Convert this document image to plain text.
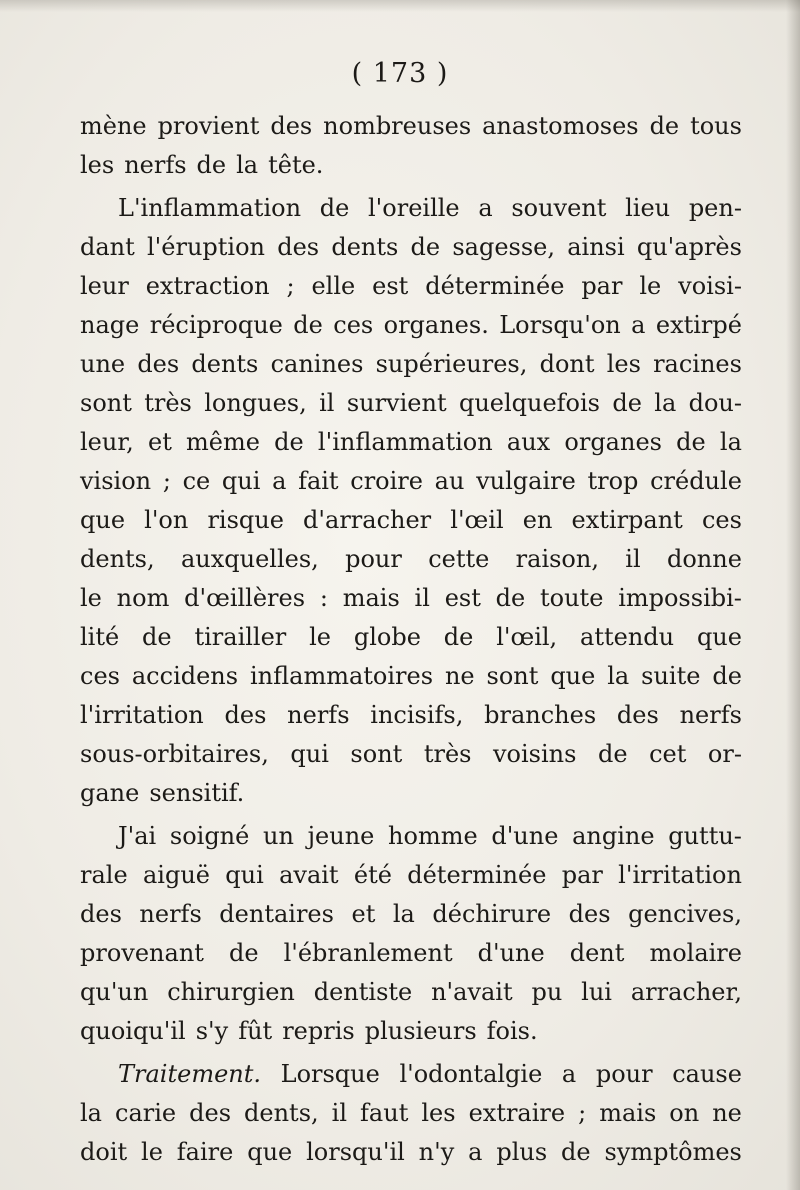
( 173 )
mène provient des nombreuses anastomoses de tous
les nerfs de la tête.
L'inflammation de l'oreille a souvent lieu pen-
dant l'éruption des dents de sagesse, ainsi qu'après
leur extraction ; elle est déterminée par le voisi-
nage réciproque de ces organes. Lorsqu'on a extirpé
une des dents canines supérieures, dont les racines
sont très longues, il survient quelquefois de la dou-
leur, et même de l'inflammation aux organes de la
vision ; ce qui a fait croire au vulgaire trop crédule
que l'on risque d'arracher l'œil en extirpant ces
dents, auxquelles, pour cette raison, il donne
le nom d'œillères : mais il est de toute impossibi-
lité de tirailler le globe de l'œil, attendu que
ces accidens inflammatoires ne sont que la suite de
l'irritation des nerfs incisifs, branches des nerfs
sous-orbitaires, qui sont très voisins de cet or-
gane sensitif.
J'ai soigné un jeune homme d'une angine guttu-
rale aiguë qui avait été déterminée par l'irritation
des nerfs dentaires et la déchirure des gencives,
provenant de l'ébranlement d'une dent molaire
qu'un chirurgien dentiste n'avait pu lui arracher,
quoiqu'il s'y fût repris plusieurs fois.
Traitement. Lorsque l'odontalgie a pour cause
la carie des dents, il faut les extraire ; mais on ne
doit le faire que lorsqu'il n'y a plus de symptômes
